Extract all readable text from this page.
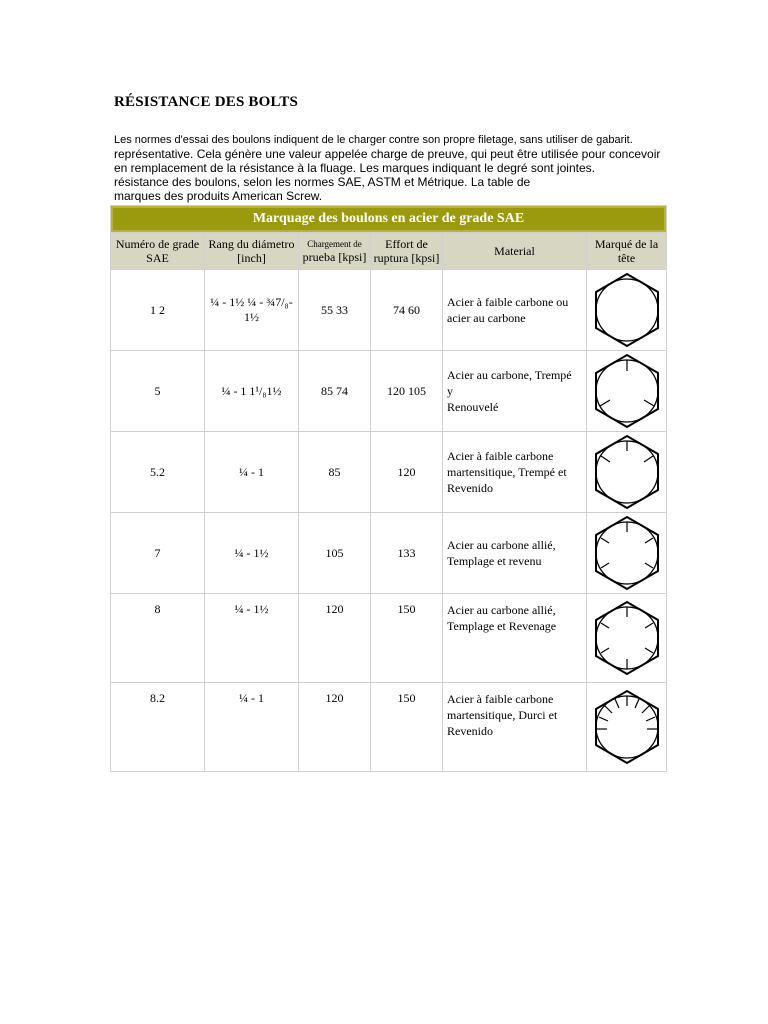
RÉSISTANCE DES BOLTS
Les normes d'essai des boulons indiquent de le charger contre son propre filetage, sans utiliser de gabarit.
représentative. Cela génère une valeur appelée charge de preuve, qui peut être utilisée pour concevoir
en remplacement de la résistance à la fluage. Les marques indiquant le degré sont jointes.
résistance des boulons, selon les normes SAE, ASTM et Métrique. La table de
marques des produits American Screw.
Marquage des boulons en acier de grade SAE					
Numéro de grade SAE	Rang du diámetro [inch]	Chargement de
prueba [kpsi]	Effort de ruptura [kpsi]	Material	Marqué de la tête
1 2	¼ - 1½ ¼ - ¾7/₈- 1½	55 33	74 60	Acier à faible carbone ou
acier au carbone

5	¼ - 1 1¹/₈1½	85 74	120 105	Acier au carbone, Trempé
y
Renouvelé

5.2	¼ - 1	85	120	Acier à faible carbone
martensitique, Trempé et
Revenido

7	¼ - 1½	105	133	Acier au carbone allié,
Templage et revenu

8	¼ - 1½	120	150	Acier au carbone allié,
Templage et Revenage

8.2	¼ - 1	120	150	Acier à faible carbone
martensitique, Durci et
Revenido
